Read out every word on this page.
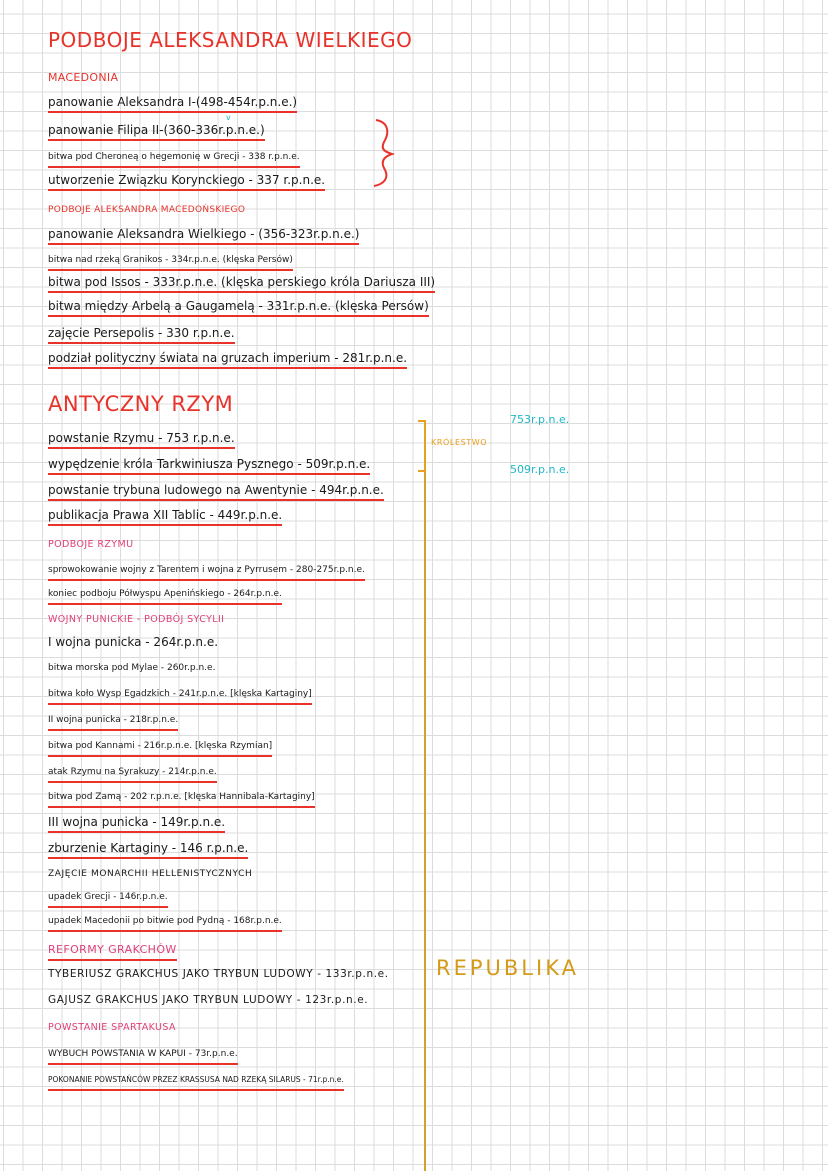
PODBOJE ALEKSANDRA WIELKIEGO
MACEDONIA
panowanie Aleksandra I-(498-454r.p.n.e.)
v
panowanie Filipa II-(360-336r.p.n.e.)
bitwa pod Cheroneą o hegemonię w Grecji - 338 r.p.n.e.
utworzenie Związku Korynckiego - 337 r.p.n.e.
PODBOJE ALEKSANDRA MACEDOŃSKIEGO
panowanie Aleksandra Wielkiego - (356-323r.p.n.e.)
bitwa nad rzeką Granikos - 334r.p.n.e. (klęska Persów)
bitwa pod Issos - 333r.p.n.e. (klęska perskiego króla Dariusza III)
bitwa między Arbelą a Gaugamelą - 331r.p.n.e. (klęska Persów)
zajęcie Persepolis - 330 r.p.n.e.
podział polityczny świata na gruzach imperium - 281r.p.n.e.
ANTYCZNY RZYM
powstanie Rzymu - 753 r.p.n.e.
wypędzenie króla Tarkwiniusza Pysznego - 509r.p.n.e.
powstanie trybuna ludowego na Awentynie - 494r.p.n.e.
publikacja Prawa XII Tablic - 449r.p.n.e.
PODBOJE RZYMU
sprowokowanie wojny z Tarentem i wojna z Pyrrusem - 280-275r.p.n.e.
koniec podboju Półwyspu Apenińskiego - 264r.p.n.e.
WOJNY PUNICKIE - PODBÓJ SYCYLII
I wojna punicka - 264r.p.n.e.
bitwa morska pod Mylae - 260r.p.n.e.
bitwa koło Wysp Egadzkich - 241r.p.n.e. [klęska Kartaginy]
II wojna punicka - 218r.p.n.e.
bitwa pod Kannami - 216r.p.n.e. [klęska Rzymian]
atak Rzymu na Syrakuzy - 214r.p.n.e.
bitwa pod Zamą - 202 r.p.n.e. [klęska Hannibala-Kartaginy]
III wojna punicka - 149r.p.n.e.
zburzenie Kartaginy - 146 r.p.n.e.
ZAJĘCIE MONARCHII HELLENISTYCZNYCH
upadek Grecji - 146r.p.n.e.
upadek Macedonii po bitwie pod Pydną - 168r.p.n.e.
REFORMY GRAKCHÓW
TYBERIUSZ GRAKCHUS JAKO TRYBUN LUDOWY - 133r.p.n.e.
GAJUSZ GRAKCHUS JAKO TRYBUN LUDOWY - 123r.p.n.e.
POWSTANIE SPARTAKUSA
WYBUCH POWSTANIA W KAPUI - 73r.p.n.e.
POKONANIE POWSTAŃCÓW PRZEZ KRASSUSA NAD RZEKĄ SILARUS - 71r.p.n.e.
KRÓLESTWO
753r.p.n.e.
509r.p.n.e.
REPUBLIKA
